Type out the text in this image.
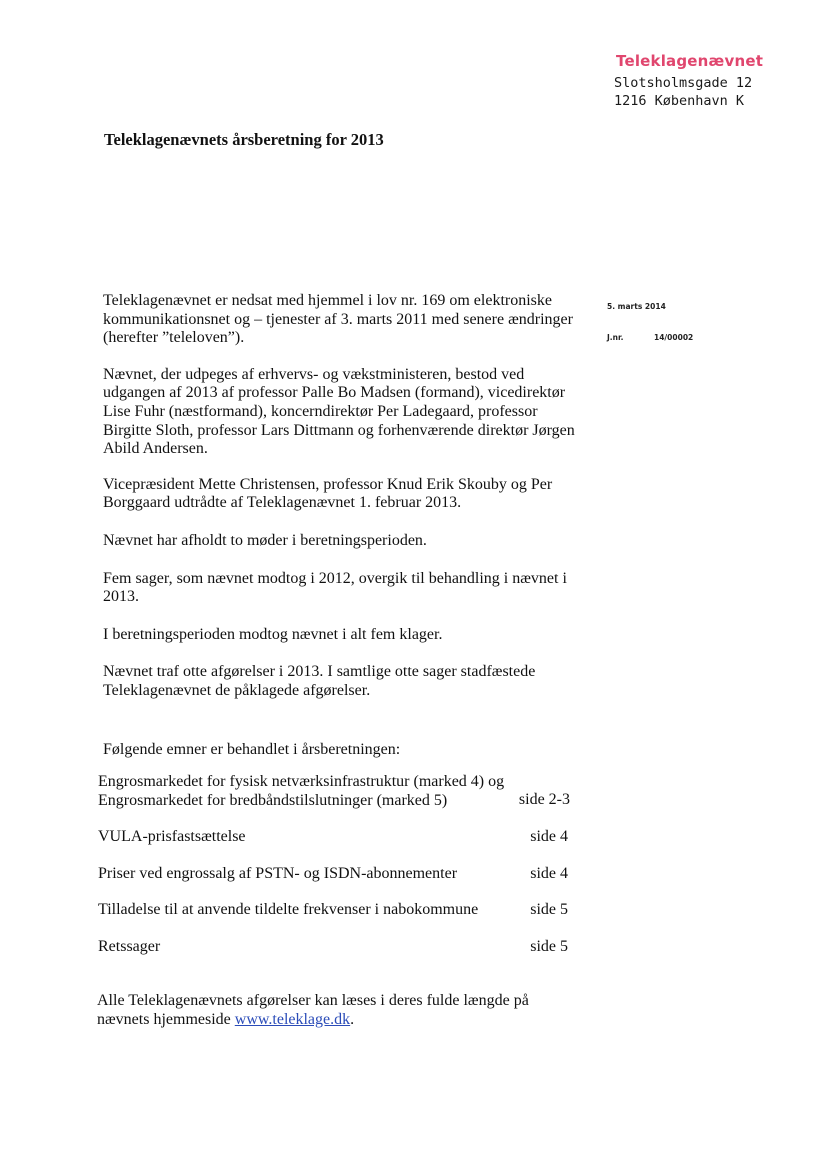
Teleklagenævnet
Slotsholmsgade 12
1216 København K
Teleklagenævnets årsberetning for 2013
5. marts 2014
J.nr.	14/00002

Teleklagenævnet er nedsat med hjemmel i lov nr. 169 om elektroniske kommunikationsnet og – tjenester af 3. marts 2011 med senere ændringer (herefter ”teleloven”).

Nævnet, der udpeges af erhvervs- og vækstministeren, bestod ved udgangen af 2013 af professor Palle Bo Madsen (formand), vicedirektør Lise Fuhr (næstformand), koncerndirektør Per Ladegaard, professor Birgitte Sloth, professor Lars Dittmann og forhenværende direktør Jørgen Abild Andersen.

Vicepræsident Mette Christensen, professor Knud Erik Skouby og Per Borggaard udtrådte af Teleklagenævnet 1. februar 2013.

Nævnet har afholdt to møder i beretningsperioden.

Fem sager, som nævnet modtog i 2012, overgik til behandling i nævnet i 2013.

I beretningsperioden modtog nævnet i alt fem klager.

Nævnet traf otte afgørelser i 2013. I samtlige otte sager stadfæstede Teleklagenævnet de påklagede afgørelser.

Følgende emner er behandlet i årsberetningen:

Engrosmarkedet for fysisk netværksinfrastruktur (marked 4) og
Engrosmarkedet for bredbåndstilslutninger (marked 5)	side 2-3
VULA-prisfastsættelse	side 4
Priser ved engrossalg af PSTN- og ISDN-abonnementer	side 4
Tilladelse til at anvende tildelte frekvenser i nabokommune	side 5
Retssager	side 5
Alle Teleklagenævnets afgørelser kan læses i deres fulde længde på nævnets hjemmeside www.teleklage.dk.
